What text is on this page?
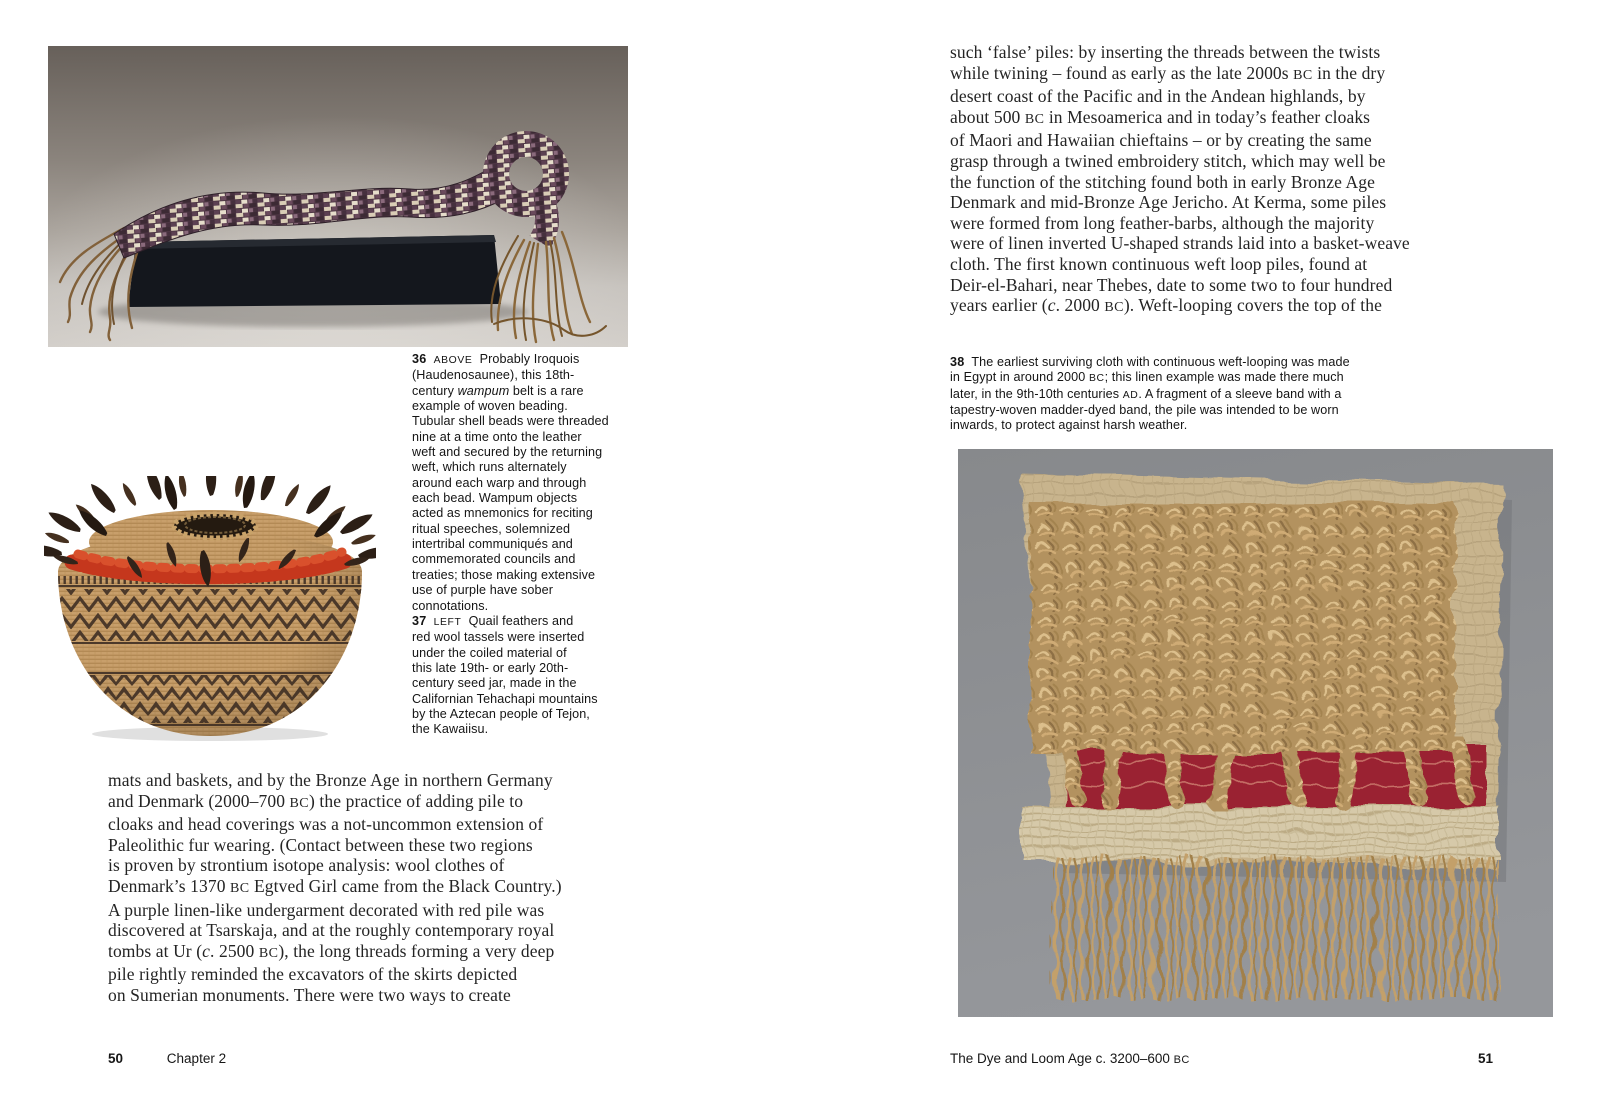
36 ABOVE  Probably Iroquois
(Haudenosaunee), this 18th-
century wampum belt is a rare
example of woven beading.
Tubular shell beads were threaded
nine at a time onto the leather
weft and secured by the returning
weft, which runs alternately
around each warp and through
each bead. Wampum objects
acted as mnemonics for reciting
ritual speeches, solemnized
intertribal communiqués and
commemorated councils and
treaties; those making extensive
use of purple have sober
connotations.

37 LEFT  Quail feathers and
red wool tassels were inserted
under the coiled material of
this late 19th- or early 20th-
century seed jar, made in the
Californian Tehachapi mountains
by the Aztecan people of Tejon,
the Kawaiisu.

mats and baskets, and by the Bronze Age in northern Germany
and Denmark (2000–700 BC) the practice of adding pile to
cloaks and head coverings was a not-uncommon extension of
Paleolithic fur wearing. (Contact between these two regions
is proven by strontium isotope analysis: wool clothes of
Denmark’s 1370 BC Egtved Girl came from the Black Country.)
A purple linen-like undergarment decorated with red pile was
discovered at Tsarskaja, and at the roughly contemporary royal
tombs at Ur (c. 2500 BC), the long threads forming a very deep
pile rightly reminded the excavators of the skirts depicted
on Sumerian monuments. There were two ways to create

50	Chapter 2

such ‘false’ piles: by inserting the threads between the twists
while twining – found as early as the late 2000s BC in the dry
desert coast of the Pacific and in the Andean highlands, by
about 500 BC in Mesoamerica and in today’s feather cloaks
of Maori and Hawaiian chieftains – or by creating the same
grasp through a twined embroidery stitch, which may well be
the function of the stitching found both in early Bronze Age
Denmark and mid-Bronze Age Jericho. At Kerma, some piles
were formed from long feather-barbs, although the majority
were of linen inverted U-shaped strands laid into a basket-weave
cloth. The first known continuous weft loop piles, found at
Deir-el-Bahari, near Thebes, date to some two to four hundred
years earlier (c. 2000 BC). Weft-looping covers the top of the

38  The earliest surviving cloth with continuous weft-looping was made
in Egypt in around 2000 BC; this linen example was made there much
later, in the 9th-10th centuries AD. A fragment of a sleeve band with a
tapestry-woven madder-dyed band, the pile was intended to be worn
inwards, to protect against harsh weather.

The Dye and Loom Age c. 3200–600 BC	51
